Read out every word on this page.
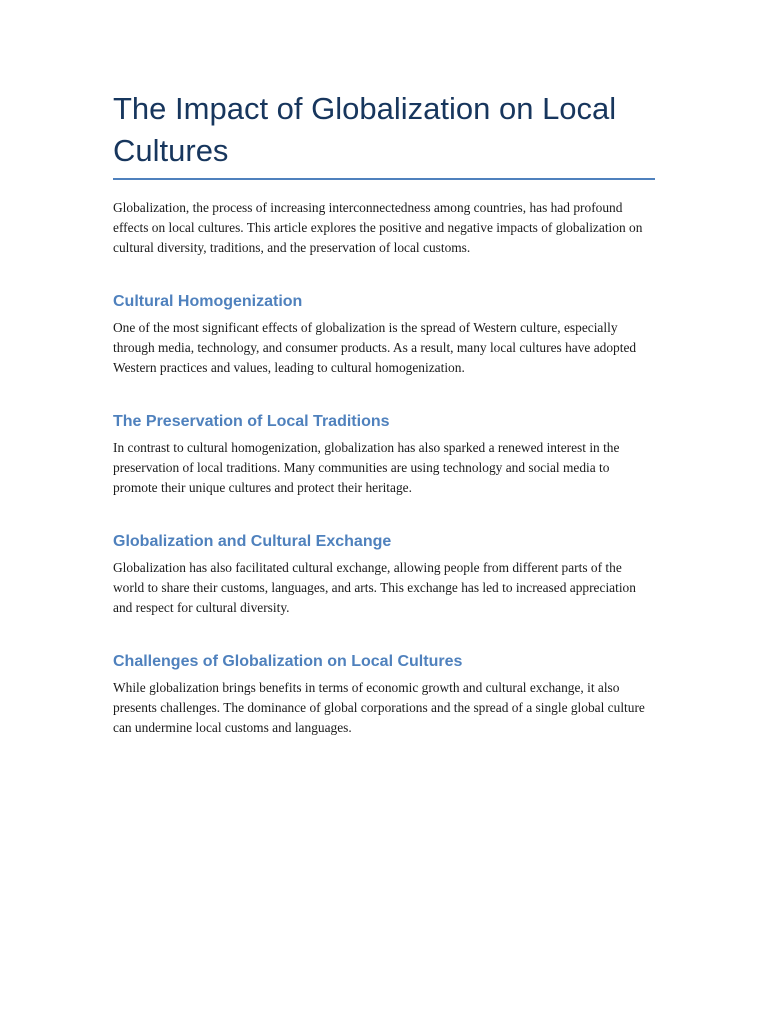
The Impact of Globalization on Local Cultures

Globalization, the process of increasing interconnectedness among countries, has had profound effects on local cultures. This article explores the positive and negative impacts of globalization on cultural diversity, traditions, and the preservation of local customs.

Cultural Homogenization

One of the most significant effects of globalization is the spread of Western culture, especially through media, technology, and consumer products. As a result, many local cultures have adopted Western practices and values, leading to cultural homogenization.

The Preservation of Local Traditions

In contrast to cultural homogenization, globalization has also sparked a renewed interest in the preservation of local traditions. Many communities are using technology and social media to promote their unique cultures and protect their heritage.

Globalization and Cultural Exchange

Globalization has also facilitated cultural exchange, allowing people from different parts of the world to share their customs, languages, and arts. This exchange has led to increased appreciation and respect for cultural diversity.

Challenges of Globalization on Local Cultures

While globalization brings benefits in terms of economic growth and cultural exchange, it also presents challenges. The dominance of global corporations and the spread of a single global culture can undermine local customs and languages.
